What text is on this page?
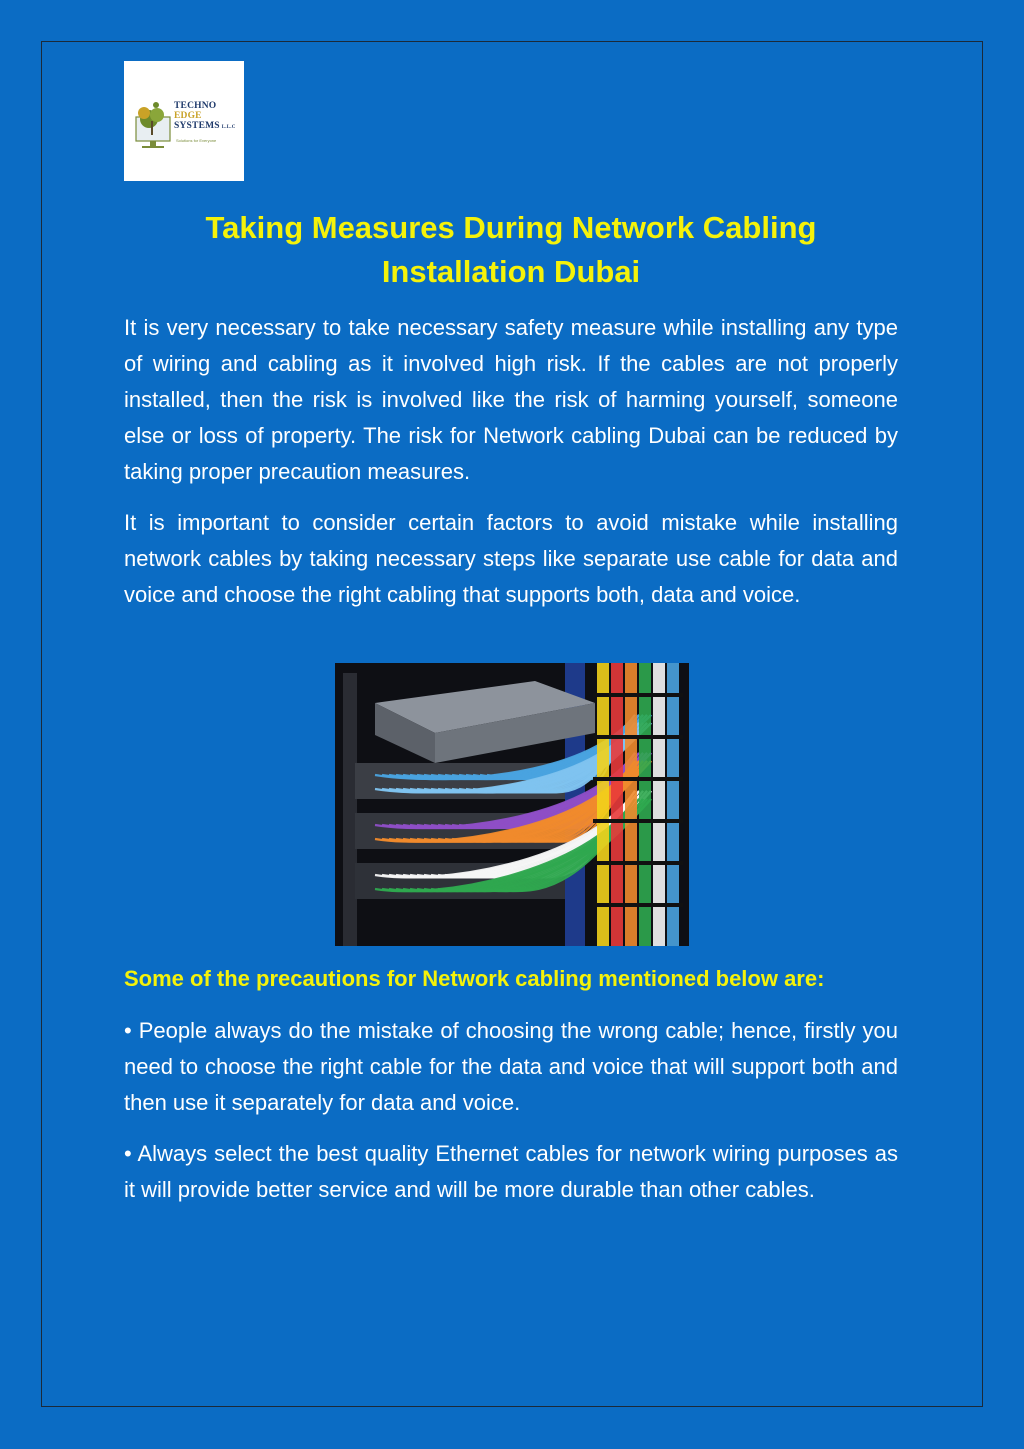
TECHNO
EDGE
SYSTEMS L.L.C
Solutions for Everyone
Taking Measures During Network Cabling Installation Dubai

It is very necessary to take necessary safety measure while installing any type of wiring and cabling as it involved high risk. If the cables are not properly installed, then the risk is involved like the risk of harming yourself, someone else or loss of property. The risk for Network cabling Dubai can be reduced by taking proper precaution measures.

It is important to consider certain factors to avoid mistake while installing network cables by taking necessary steps like separate use cable for data and voice and choose the right cabling that supports both, data and voice.

Some of the precautions for Network cabling mentioned below are:

• People always do the mistake of choosing the wrong cable; hence, firstly you need to choose the right cable for the data and voice that will support both and then use it separately for data and voice.

• Always select the best quality Ethernet cables for network wiring purposes as it will provide better service and will be more durable than other cables.
